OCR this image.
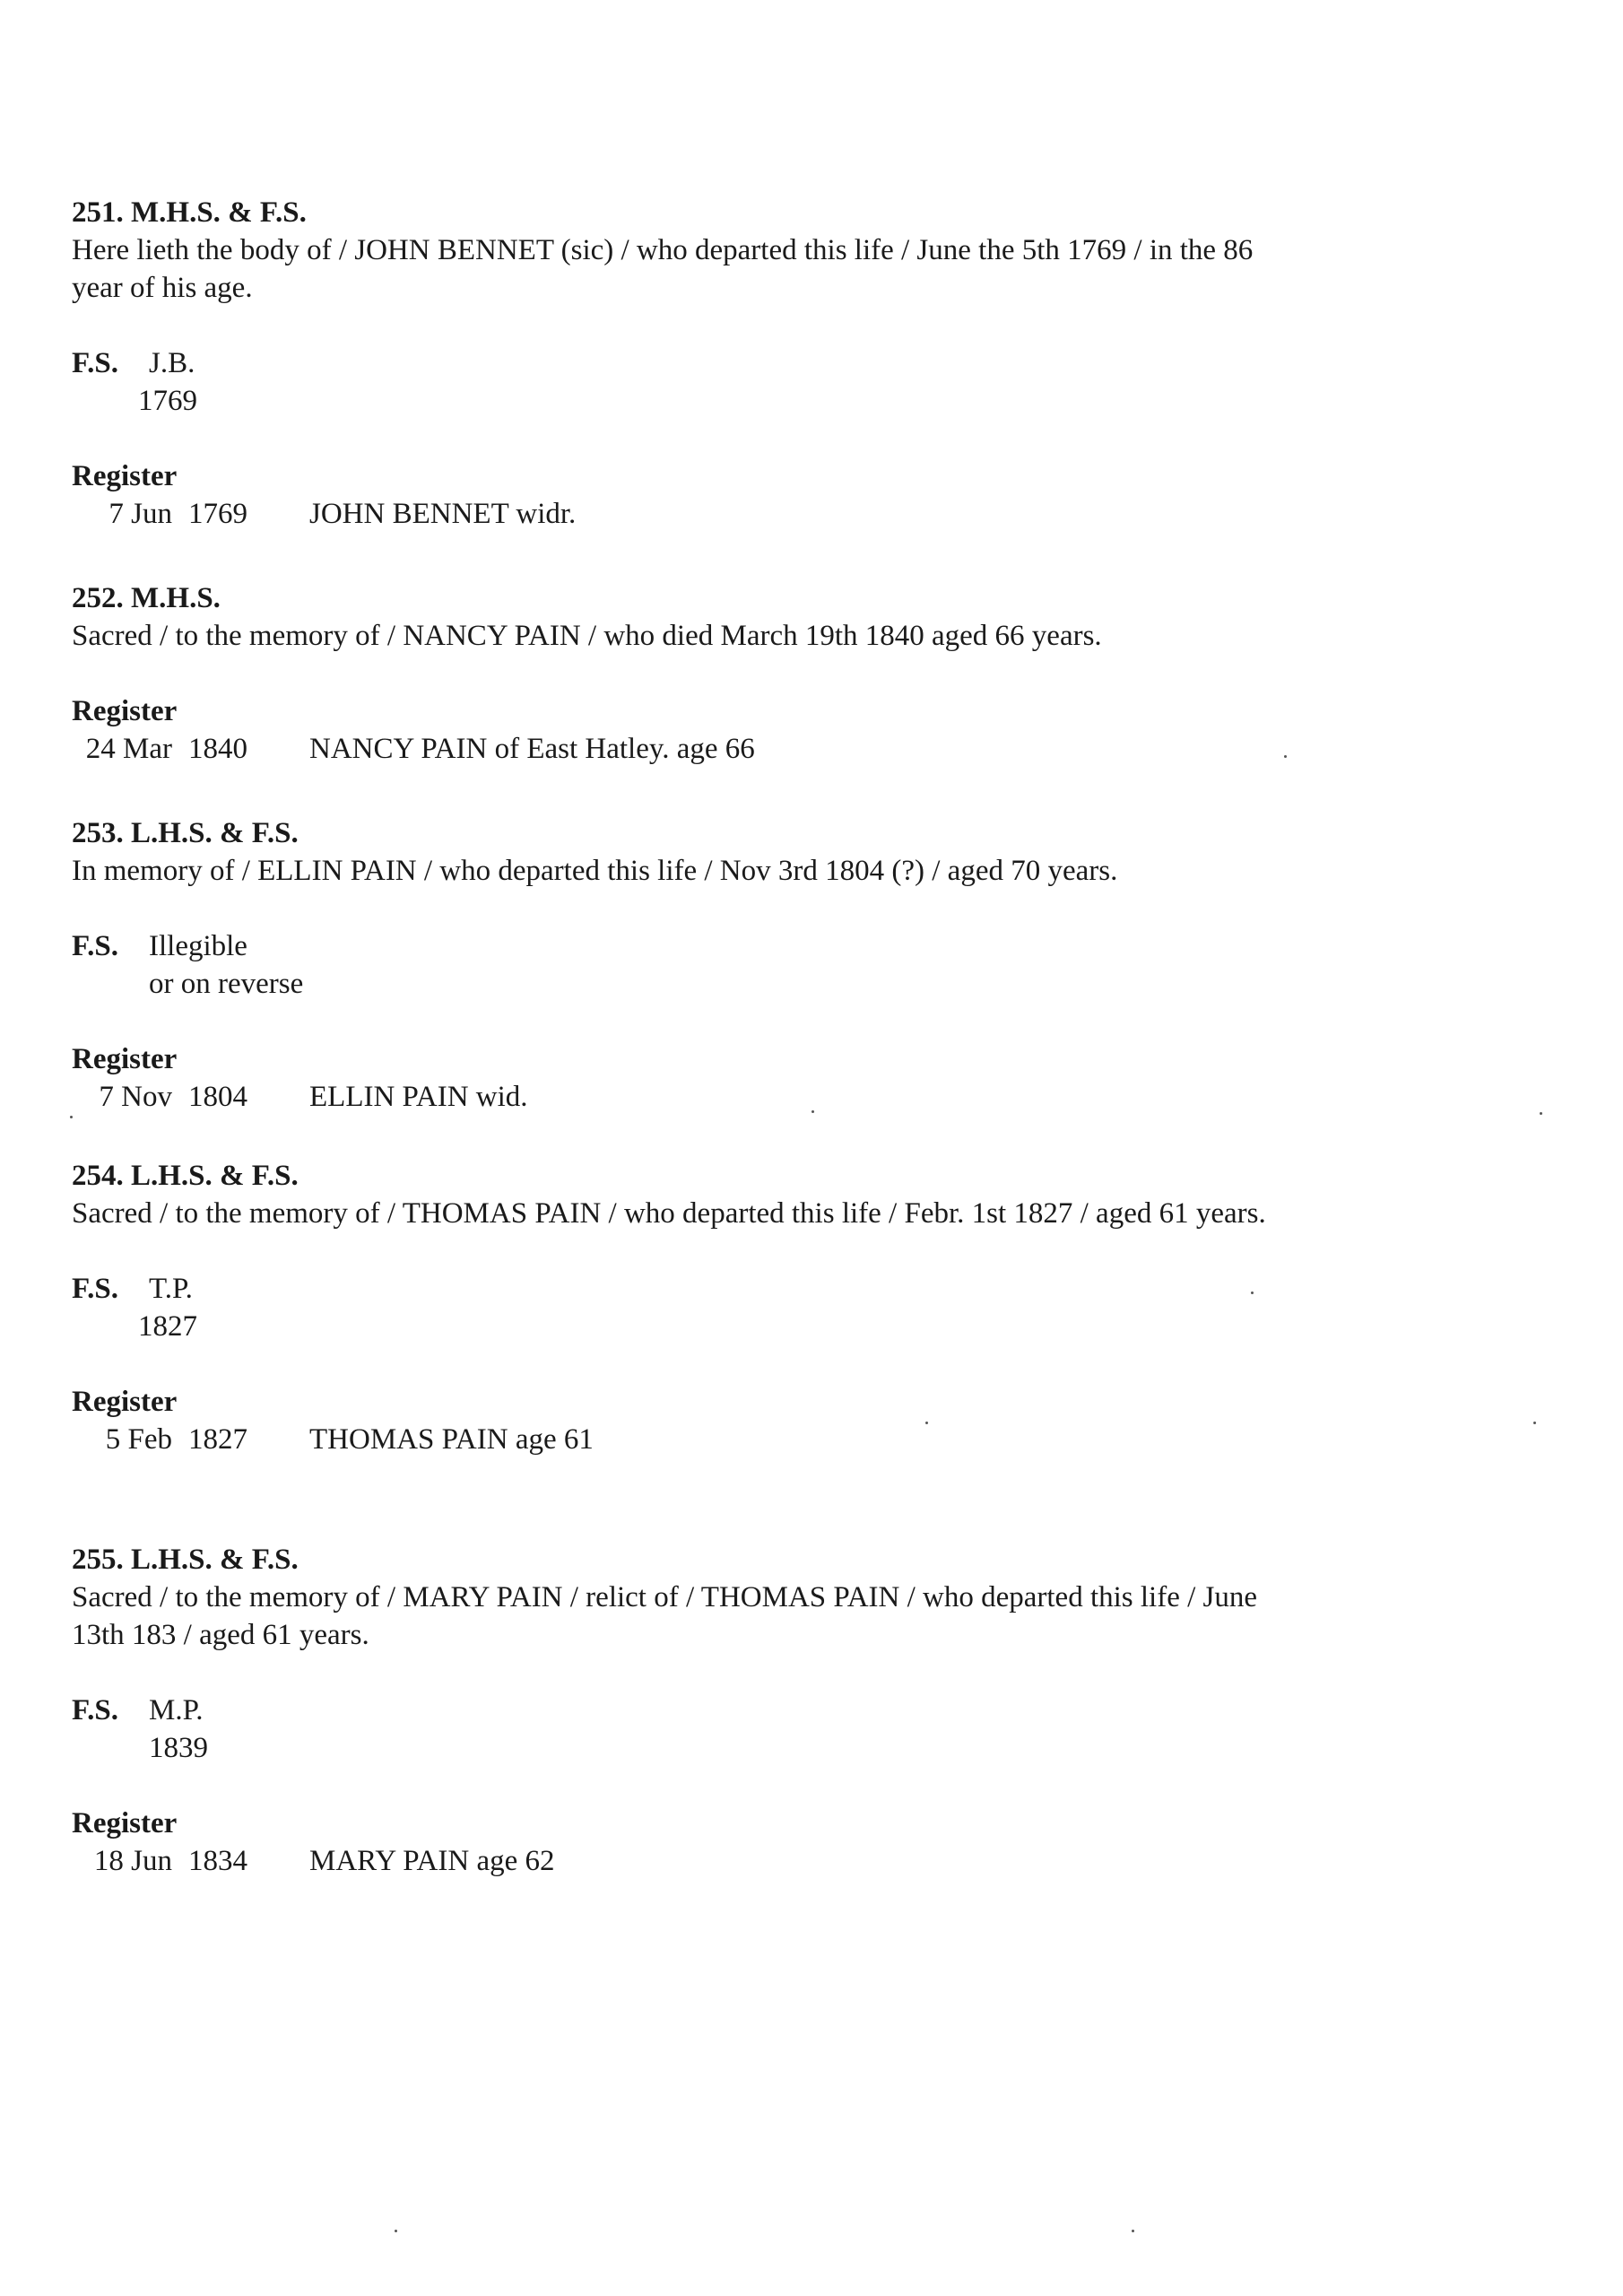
251. M.H.S. & F.S.

Here lieth the body of / JOHN BENNET (sic) / who departed this life / June the 5th 1769 / in the 86 year of his age.

F.S.	J.B.
1769
Register
7 Jun 1769	JOHN BENNET widr.

252. M.H.S.

Sacred / to the memory of / NANCY PAIN / who died March 19th 1840 aged 66 years.

Register
24 Mar 1840	NANCY PAIN of East Hatley. age 66

253. L.H.S. & F.S.

In memory of / ELLIN PAIN / who departed this life / Nov 3rd 1804 (?) / aged 70 years.

F.S.	Illegible
or on reverse
Register
7 Nov 1804	ELLIN PAIN wid.

254. L.H.S. & F.S.

Sacred / to the memory of / THOMAS PAIN / who departed this life / Febr. 1st 1827 / aged 61 years.

F.S.	T.P.
1827
Register
5 Feb 1827	THOMAS PAIN age 61

255. L.H.S. & F.S.

Sacred / to the memory of / MARY PAIN / relict of / THOMAS PAIN / who departed this life / June 13th 183 / aged 61 years.

F.S.	M.P.
1839
Register
18 Jun 1834	MARY PAIN age 62
